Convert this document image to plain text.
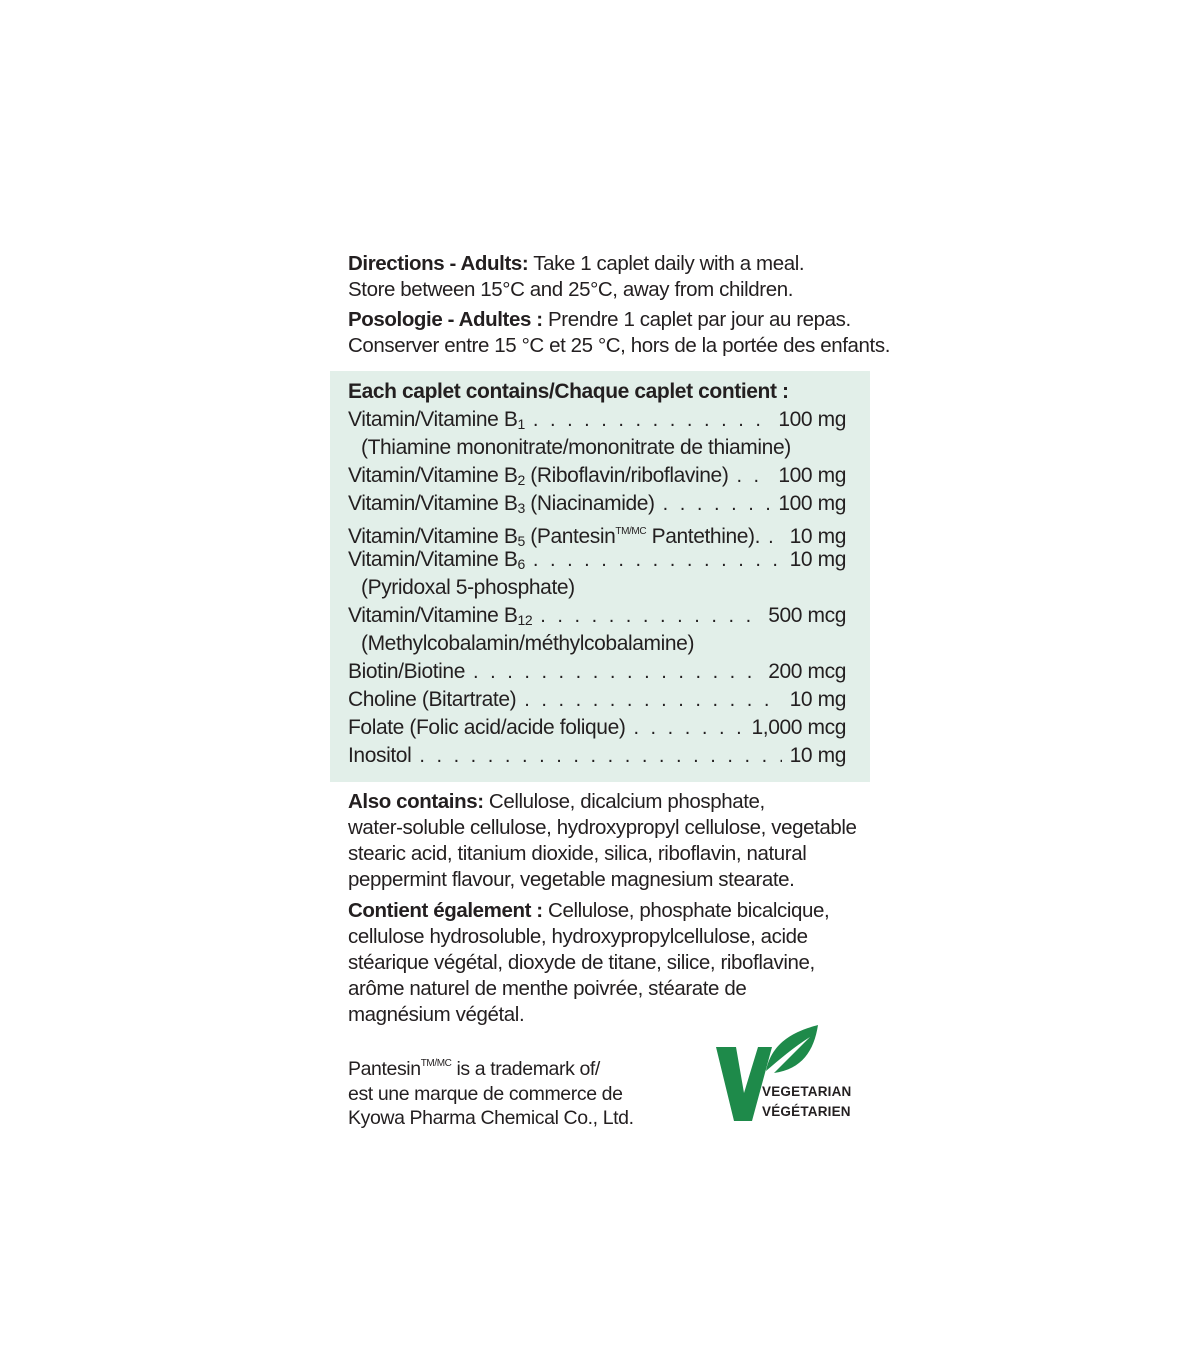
Directions - Adults: Take 1 caplet daily with a meal.
Store between 15°C and 25°C, away from children.
Posologie - Adultes : Prendre 1 caplet par jour au repas.
Conserver entre 15 °C et 25 °C, hors de la portée des enfants.
Each caplet contains/Chaque caplet contient :
Vitamin/Vitamine $B_1$ . . .	100 mg
(Thiamine mononitrate/mononitrate de thiamine)
Vitamin/Vitamine $B_2$ (Riboflavin/riboflavine) . . . 100 mg
Vitamin/Vitamine $B_3$ (Niacinamide) . . .	100 mg
Vitamin/Vitamine $B_5$ (Pantesin$^{TM/MC}$ Pantethine). . . . 10 mg
Vitamin/Vitamine $B_6$ . . .	10 mg
(Pyridoxal 5-phosphate)
Vitamin/Vitamine $B_{12}$ . . .	500 mcg
(Methylcobalamin/méthylcobalamine)
Biotin/Biotine . . .	200 mcg
Choline (Bitartrate) . . .	10 mg
Folate (Folic acid/acide folique) . . .	1,000 mcg
Inositol . . .	10 mg
Also contains: Cellulose, dicalcium phosphate,
water-soluble cellulose, hydroxypropyl cellulose, vegetable
stearic acid, titanium dioxide, silica, riboflavin, natural
peppermint flavour, vegetable magnesium stearate.
Contient également : Cellulose, phosphate bicalcique,
cellulose hydrosoluble, hydroxypropylcellulose, acide
stéarique végétal, dioxyde de titane, silice, riboflavine,
arôme naturel de menthe poivrée, stéarate de
magnésium végétal.
Pantesin$^{TM/MC}$ is a trademark of/
est une marque de commerce de
Kyowa Pharma Chemical Co., Ltd.
VEGETARIAN
VÉGÉTARIEN
